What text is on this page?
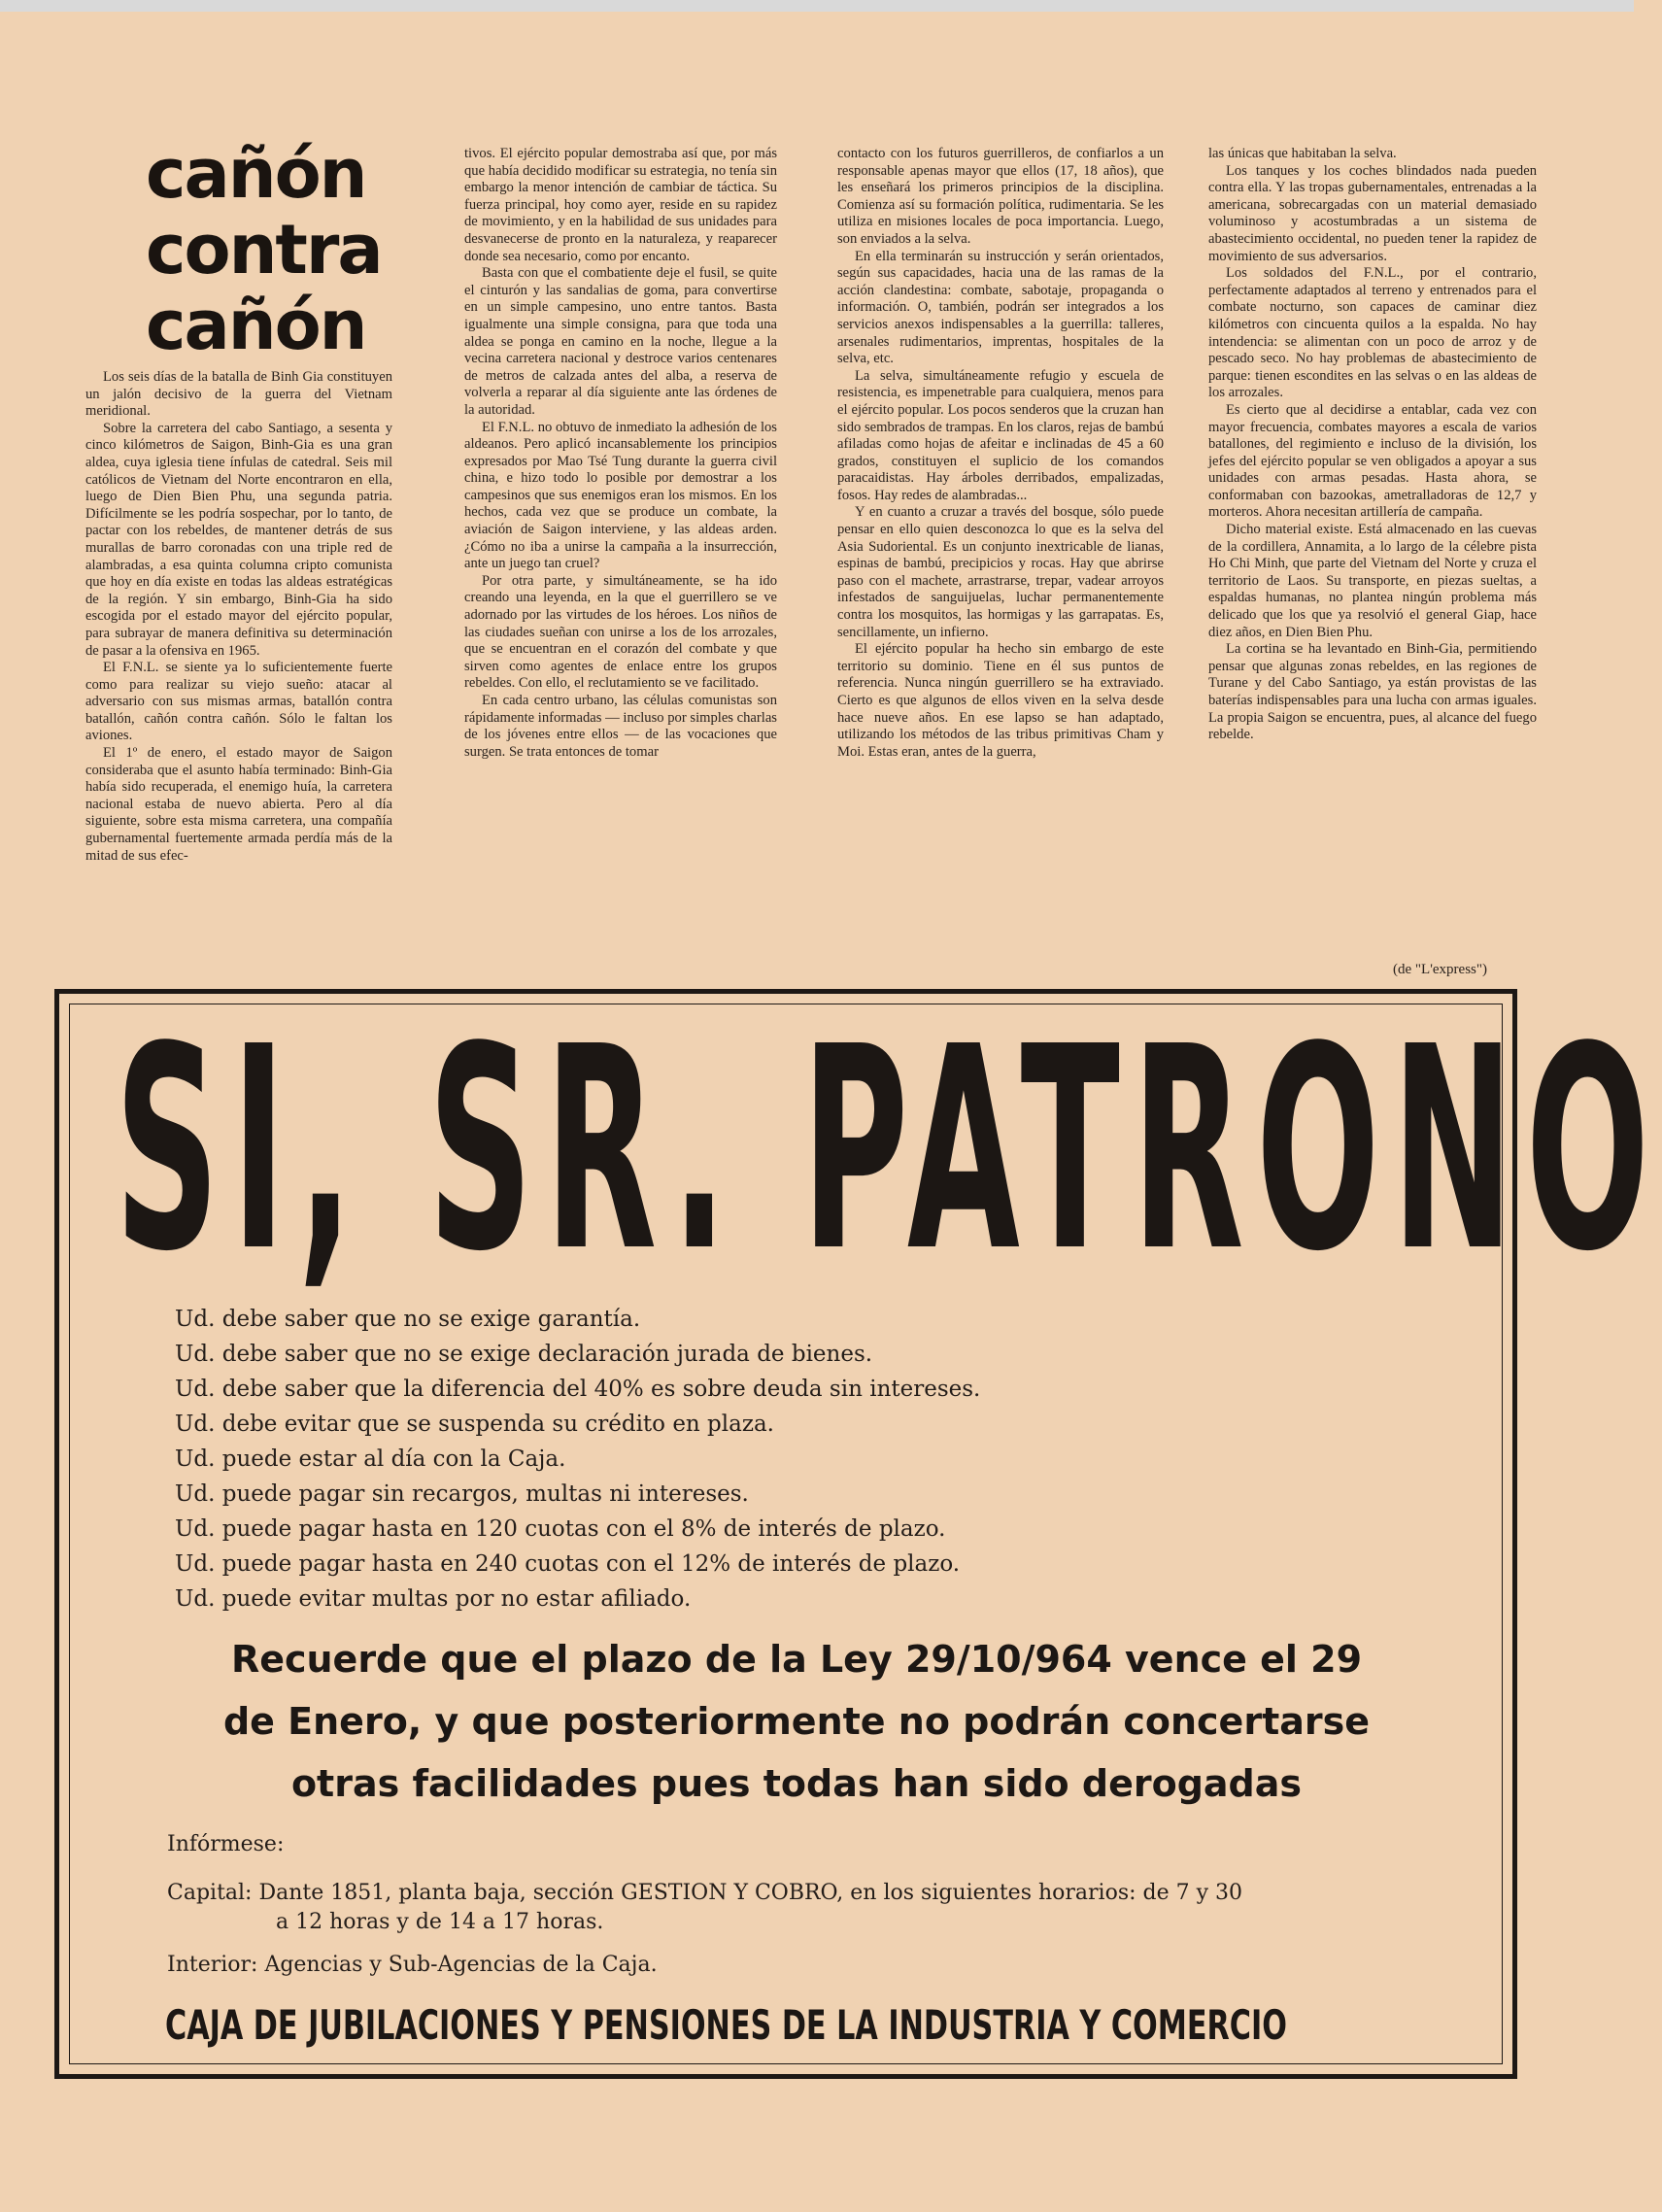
cañón
contra
cañón

Los seis días de la batalla de Binh Gia constituyen un jalón decisivo de la guerra del Vietnam meridional.

Sobre la carretera del cabo Santiago, a sesenta y cinco kilómetros de Saigon, Binh-Gia es una gran aldea, cuya iglesia tiene ínfulas de catedral. Seis mil católicos de Vietnam del Norte encontraron en ella, luego de Dien Bien Phu, una segunda patria. Difícilmente se les podría sospechar, por lo tanto, de pactar con los rebeldes, de mantener detrás de sus murallas de barro coronadas con una triple red de alambradas, a esa quinta columna cripto comunista que hoy en día existe en todas las aldeas estratégicas de la región. Y sin embargo, Binh-Gia ha sido escogida por el estado mayor del ejército popular, para subrayar de manera definitiva su determinación de pasar a la ofensiva en 1965.

El F.N.L. se siente ya lo suficientemente fuerte como para realizar su viejo sueño: atacar al adversario con sus mismas armas, batallón contra batallón, cañón contra cañón. Sólo le faltan los aviones.

El 1º de enero, el estado mayor de Saigon consideraba que el asunto había terminado: Binh-Gia había sido recuperada, el enemigo huía, la carretera nacional estaba de nuevo abierta. Pero al día siguiente, sobre esta misma carretera, una compañía gubernamental fuertemente armada perdía más de la mitad de sus efec-

tivos. El ejército popular demostraba así que, por más que había decidido modificar su estrategia, no tenía sin embargo la menor intención de cambiar de táctica. Su fuerza principal, hoy como ayer, reside en su rapidez de movimiento, y en la habilidad de sus unidades para desvanecerse de pronto en la naturaleza, y reaparecer donde sea necesario, como por encanto.

Basta con que el combatiente deje el fusil, se quite el cinturón y las sandalias de goma, para convertirse en un simple campesino, uno entre tantos. Basta igualmente una simple consigna, para que toda una aldea se ponga en camino en la noche, llegue a la vecina carretera nacional y destroce varios centenares de metros de calzada antes del alba, a reserva de volverla a reparar al día siguiente ante las órdenes de la autoridad.

El F.N.L. no obtuvo de inmediato la adhesión de los aldeanos. Pero aplicó incansablemente los principios expresados por Mao Tsé Tung durante la guerra civil china, e hizo todo lo posible por demostrar a los campesinos que sus enemigos eran los mismos. En los hechos, cada vez que se produce un combate, la aviación de Saigon interviene, y las aldeas arden. ¿Cómo no iba a unirse la campaña a la insurrección, ante un juego tan cruel?

Por otra parte, y simultáneamente, se ha ido creando una leyenda, en la que el guerrillero se ve adornado por las virtudes de los héroes. Los niños de las ciudades sueñan con unirse a los de los arrozales, que se encuentran en el corazón del combate y que sirven como agentes de enlace entre los grupos rebeldes. Con ello, el reclutamiento se ve facilitado.

En cada centro urbano, las células comunistas son rápidamente informadas — incluso por simples charlas de los jóvenes entre ellos — de las vocaciones que surgen. Se trata entonces de tomar

contacto con los futuros guerrilleros, de confiarlos a un responsable apenas mayor que ellos (17, 18 años), que les enseñará los primeros principios de la disciplina. Comienza así su formación política, rudimentaria. Se les utiliza en misiones locales de poca importancia. Luego, son enviados a la selva.

En ella terminarán su instrucción y serán orientados, según sus capacidades, hacia una de las ramas de la acción clandestina: combate, sabotaje, propaganda o información. O, también, podrán ser integrados a los servicios anexos indispensables a la guerrilla: talleres, arsenales rudimentarios, imprentas, hospitales de la selva, etc.

La selva, simultáneamente refugio y escuela de resistencia, es impenetrable para cualquiera, menos para el ejército popular. Los pocos senderos que la cruzan han sido sembrados de trampas. En los claros, rejas de bambú afiladas como hojas de afeitar e inclinadas de 45 a 60 grados, constituyen el suplicio de los comandos paracaidistas. Hay árboles derribados, empalizadas, fosos. Hay redes de alambradas...

Y en cuanto a cruzar a través del bosque, sólo puede pensar en ello quien desconozca lo que es la selva del Asia Sudoriental. Es un conjunto inextricable de lianas, espinas de bambú, precipicios y rocas. Hay que abrirse paso con el machete, arrastrarse, trepar, vadear arroyos infestados de sanguijuelas, luchar permanentemente contra los mosquitos, las hormigas y las garrapatas. Es, sencillamente, un infierno.

El ejército popular ha hecho sin embargo de este territorio su dominio. Tiene en él sus puntos de referencia. Nunca ningún guerrillero se ha extraviado. Cierto es que algunos de ellos viven en la selva desde hace nueve años. En ese lapso se han adaptado, utilizando los métodos de las tribus primitivas Cham y Moi. Estas eran, antes de la guerra,

las únicas que habitaban la selva.

Los tanques y los coches blindados nada pueden contra ella. Y las tropas gubernamentales, entrenadas a la americana, sobrecargadas con un material demasiado voluminoso y acostumbradas a un sistema de abastecimiento occidental, no pueden tener la rapidez de movimiento de sus adversarios.

Los soldados del F.N.L., por el contrario, perfectamente adaptados al terreno y entrenados para el combate nocturno, son capaces de caminar diez kilómetros con cincuenta quilos a la espalda. No hay intendencia: se alimentan con un poco de arroz y de pescado seco. No hay problemas de abastecimiento de parque: tienen escondites en las selvas o en las aldeas de los arrozales.

Es cierto que al decidirse a entablar, cada vez con mayor frecuencia, combates mayores a escala de varios batallones, del regimiento e incluso de la división, los jefes del ejército popular se ven obligados a apoyar a sus unidades con armas pesadas. Hasta ahora, se conformaban con bazookas, ametralladoras de 12,7 y morteros. Ahora necesitan artillería de campaña.

Dicho material existe. Está almacenado en las cuevas de la cordillera, Annamita, a lo largo de la célebre pista Ho Chi Minh, que parte del Vietnam del Norte y cruza el territorio de Laos. Su transporte, en piezas sueltas, a espaldas humanas, no plantea ningún problema más delicado que los que ya resolvió el general Giap, hace diez años, en Dien Bien Phu.

La cortina se ha levantado en Binh-Gia, permitiendo pensar que algunas zonas rebeldes, en las regiones de Turane y del Cabo Santiago, ya están provistas de las baterías indispensables para una lucha con armas iguales. La propia Saigon se encuentra, pues, al alcance del fuego rebelde.

(de "L'express")
SI, SR. PATRONO
Ud. debe saber que no se exige garantía.
Ud. debe saber que no se exige declaración jurada de bienes.
Ud. debe saber que la diferencia del 40% es sobre deuda sin intereses.
Ud. debe evitar que se suspenda su crédito en plaza.
Ud. puede estar al día con la Caja.
Ud. puede pagar sin recargos, multas ni intereses.
Ud. puede pagar hasta en 120 cuotas con el 8% de interés de plazo.
Ud. puede pagar hasta en 240 cuotas con el 12% de interés de plazo.
Ud. puede evitar multas por no estar afiliado.
Recuerde que el plazo de la Ley 29/10/964 vence el 29
de Enero, y que posteriormente no podrán concertarse
otras facilidades pues todas han sido derogadas
Infórmese:
Capital: Dante 1851, planta baja, sección GESTION Y COBRO, en los siguientes horarios: de 7 y 30
a 12 horas y de 14 a 17 horas.
Interior: Agencias y Sub-Agencias de la Caja.
CAJA DE JUBILACIONES Y PENSIONES DE LA INDUSTRIA Y COMERCIO
